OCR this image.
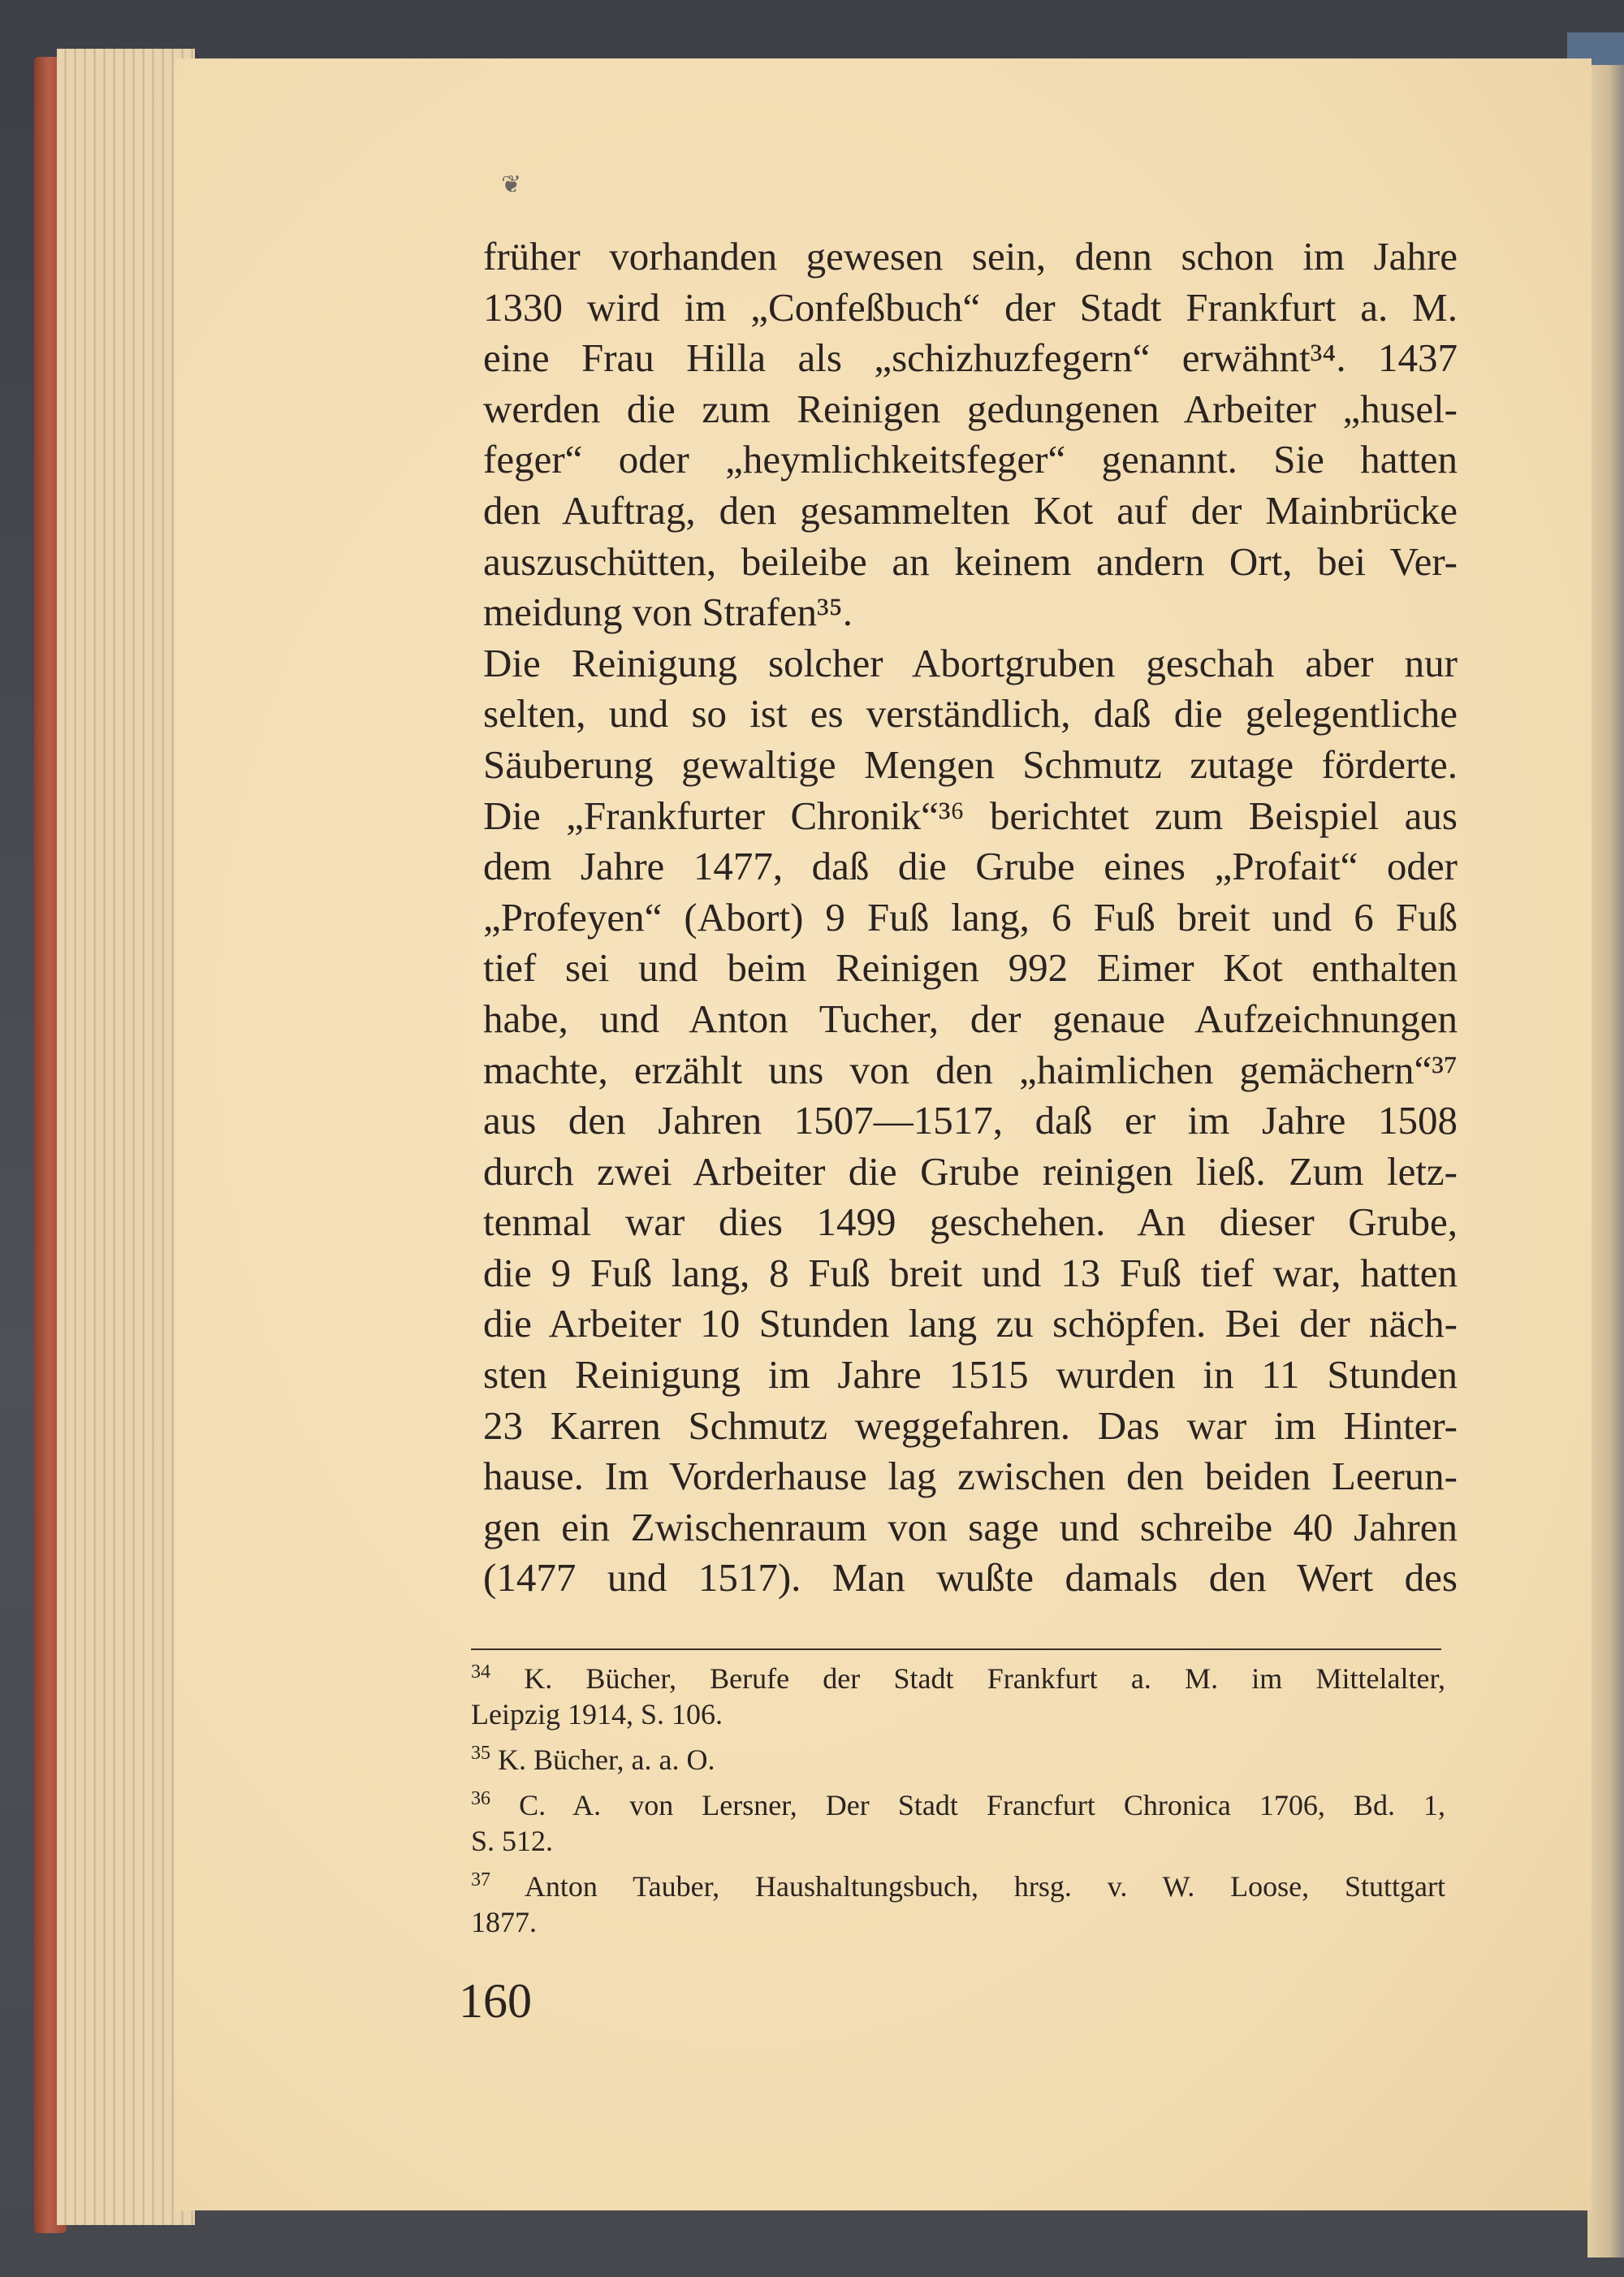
❦
früher vorhanden gewesen sein, denn schon im Jahre
1330 wird im „Confeßbuch“ der Stadt Frankfurt a. M.
eine Frau Hilla als „schizhuzfegern“ erwähnt³⁴. 1437
werden die zum Reinigen gedungenen Arbeiter „husel-
feger“ oder „heymlichkeitsfeger“ genannt. Sie hatten
den Auftrag, den gesammelten Kot auf der Mainbrücke
auszuschütten, beileibe an keinem andern Ort, bei Ver-
meidung von Strafen³⁵.
Die Reinigung solcher Abortgruben geschah aber nur
selten, und so ist es verständlich, daß die gelegentliche
Säuberung gewaltige Mengen Schmutz zutage förderte.
Die „Frankfurter Chronik“³⁶ berichtet zum Beispiel aus
dem Jahre 1477, daß die Grube eines „Profait“ oder
„Profeyen“ (Abort) 9 Fuß lang, 6 Fuß breit und 6 Fuß
tief sei und beim Reinigen 992 Eimer Kot enthalten
habe, und Anton Tucher, der genaue Aufzeichnungen
machte, erzählt uns von den „haimlichen gemächern“³⁷
aus den Jahren 1507—1517, daß er im Jahre 1508
durch zwei Arbeiter die Grube reinigen ließ. Zum letz-
tenmal war dies 1499 geschehen. An dieser Grube,
die 9 Fuß lang, 8 Fuß breit und 13 Fuß tief war, hatten
die Arbeiter 10 Stunden lang zu schöpfen. Bei der näch-
sten Reinigung im Jahre 1515 wurden in 11 Stunden
23 Karren Schmutz weggefahren. Das war im Hinter-
hause. Im Vorderhause lag zwischen den beiden Leerun-
gen ein Zwischenraum von sage und schreibe 40 Jahren
(1477 und 1517). Man wußte damals den Wert des
$^{34}$ K. Bücher, Berufe der Stadt Frankfurt a. M. im Mittelalter,
Leipzig 1914, S. 106.
$^{35}$ K. Bücher, a. a. O.
$^{36}$ C. A. von Lersner, Der Stadt Francfurt Chronica 1706, Bd. 1,
S. 512.
$^{37}$ Anton Tauber, Haushaltungsbuch, hrsg. v. W. Loose, Stuttgart
1877.
160
